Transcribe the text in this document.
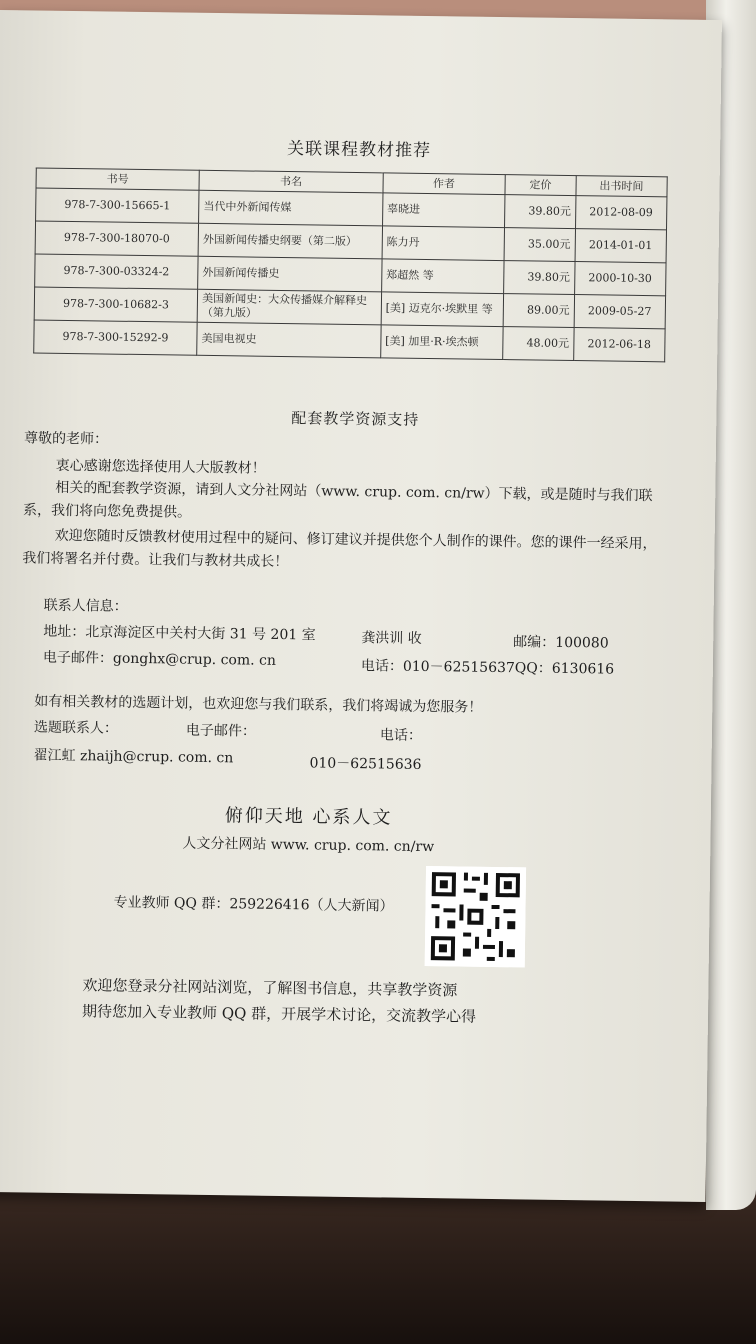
关联课程教材推荐
书号	书名	作者	定价	出书时间
978-7-300-15665-1	当代中外新闻传媒	辜晓进	39.80元	2012-08-09
978-7-300-18070-0	外国新闻传播史纲要（第二版）	陈力丹	35.00元	2014-01-01
978-7-300-03324-2	外国新闻传播史	郑超然 等	39.80元	2000-10-30
978-7-300-10682-3	美国新闻史：大众传播媒介解释史（第九版）	[美] 迈克尔·埃默里 等	89.00元	2009-05-27
978-7-300-15292-9	美国电视史	[美] 加里·R·埃杰顿	48.00元	2012-06-18
配套教学资源支持
尊敬的老师：
衷心感谢您选择使用人大版教材！
相关的配套教学资源，请到人文分社网站（www. crup. com. cn/rw）下载，或是随时与我们联系，我们将向您免费提供。
欢迎您随时反馈教材使用过程中的疑问、修订建议并提供您个人制作的课件。您的课件一经采用，我们将署名并付费。让我们与教材共成长！
联系人信息：
地址：北京海淀区中关村大街 31 号 201 室	龚洪训 收	邮编：100080
电子邮件：gonghx@crup. com. cn	电话：010－62515637QQ：6130616
如有相关教材的选题计划，也欢迎您与我们联系，我们将竭诚为您服务！
选题联系人：	电子邮件：	电话：
翟江虹 zhaijh@crup. com. cn	010－62515636
俯仰天地 心系人文
人文分社网站 www. crup. com. cn/rw
专业教师 QQ 群：259226416（人大新闻）
欢迎您登录分社网站浏览，了解图书信息，共享教学资源
期待您加入专业教师 QQ 群，开展学术讨论，交流教学心得
